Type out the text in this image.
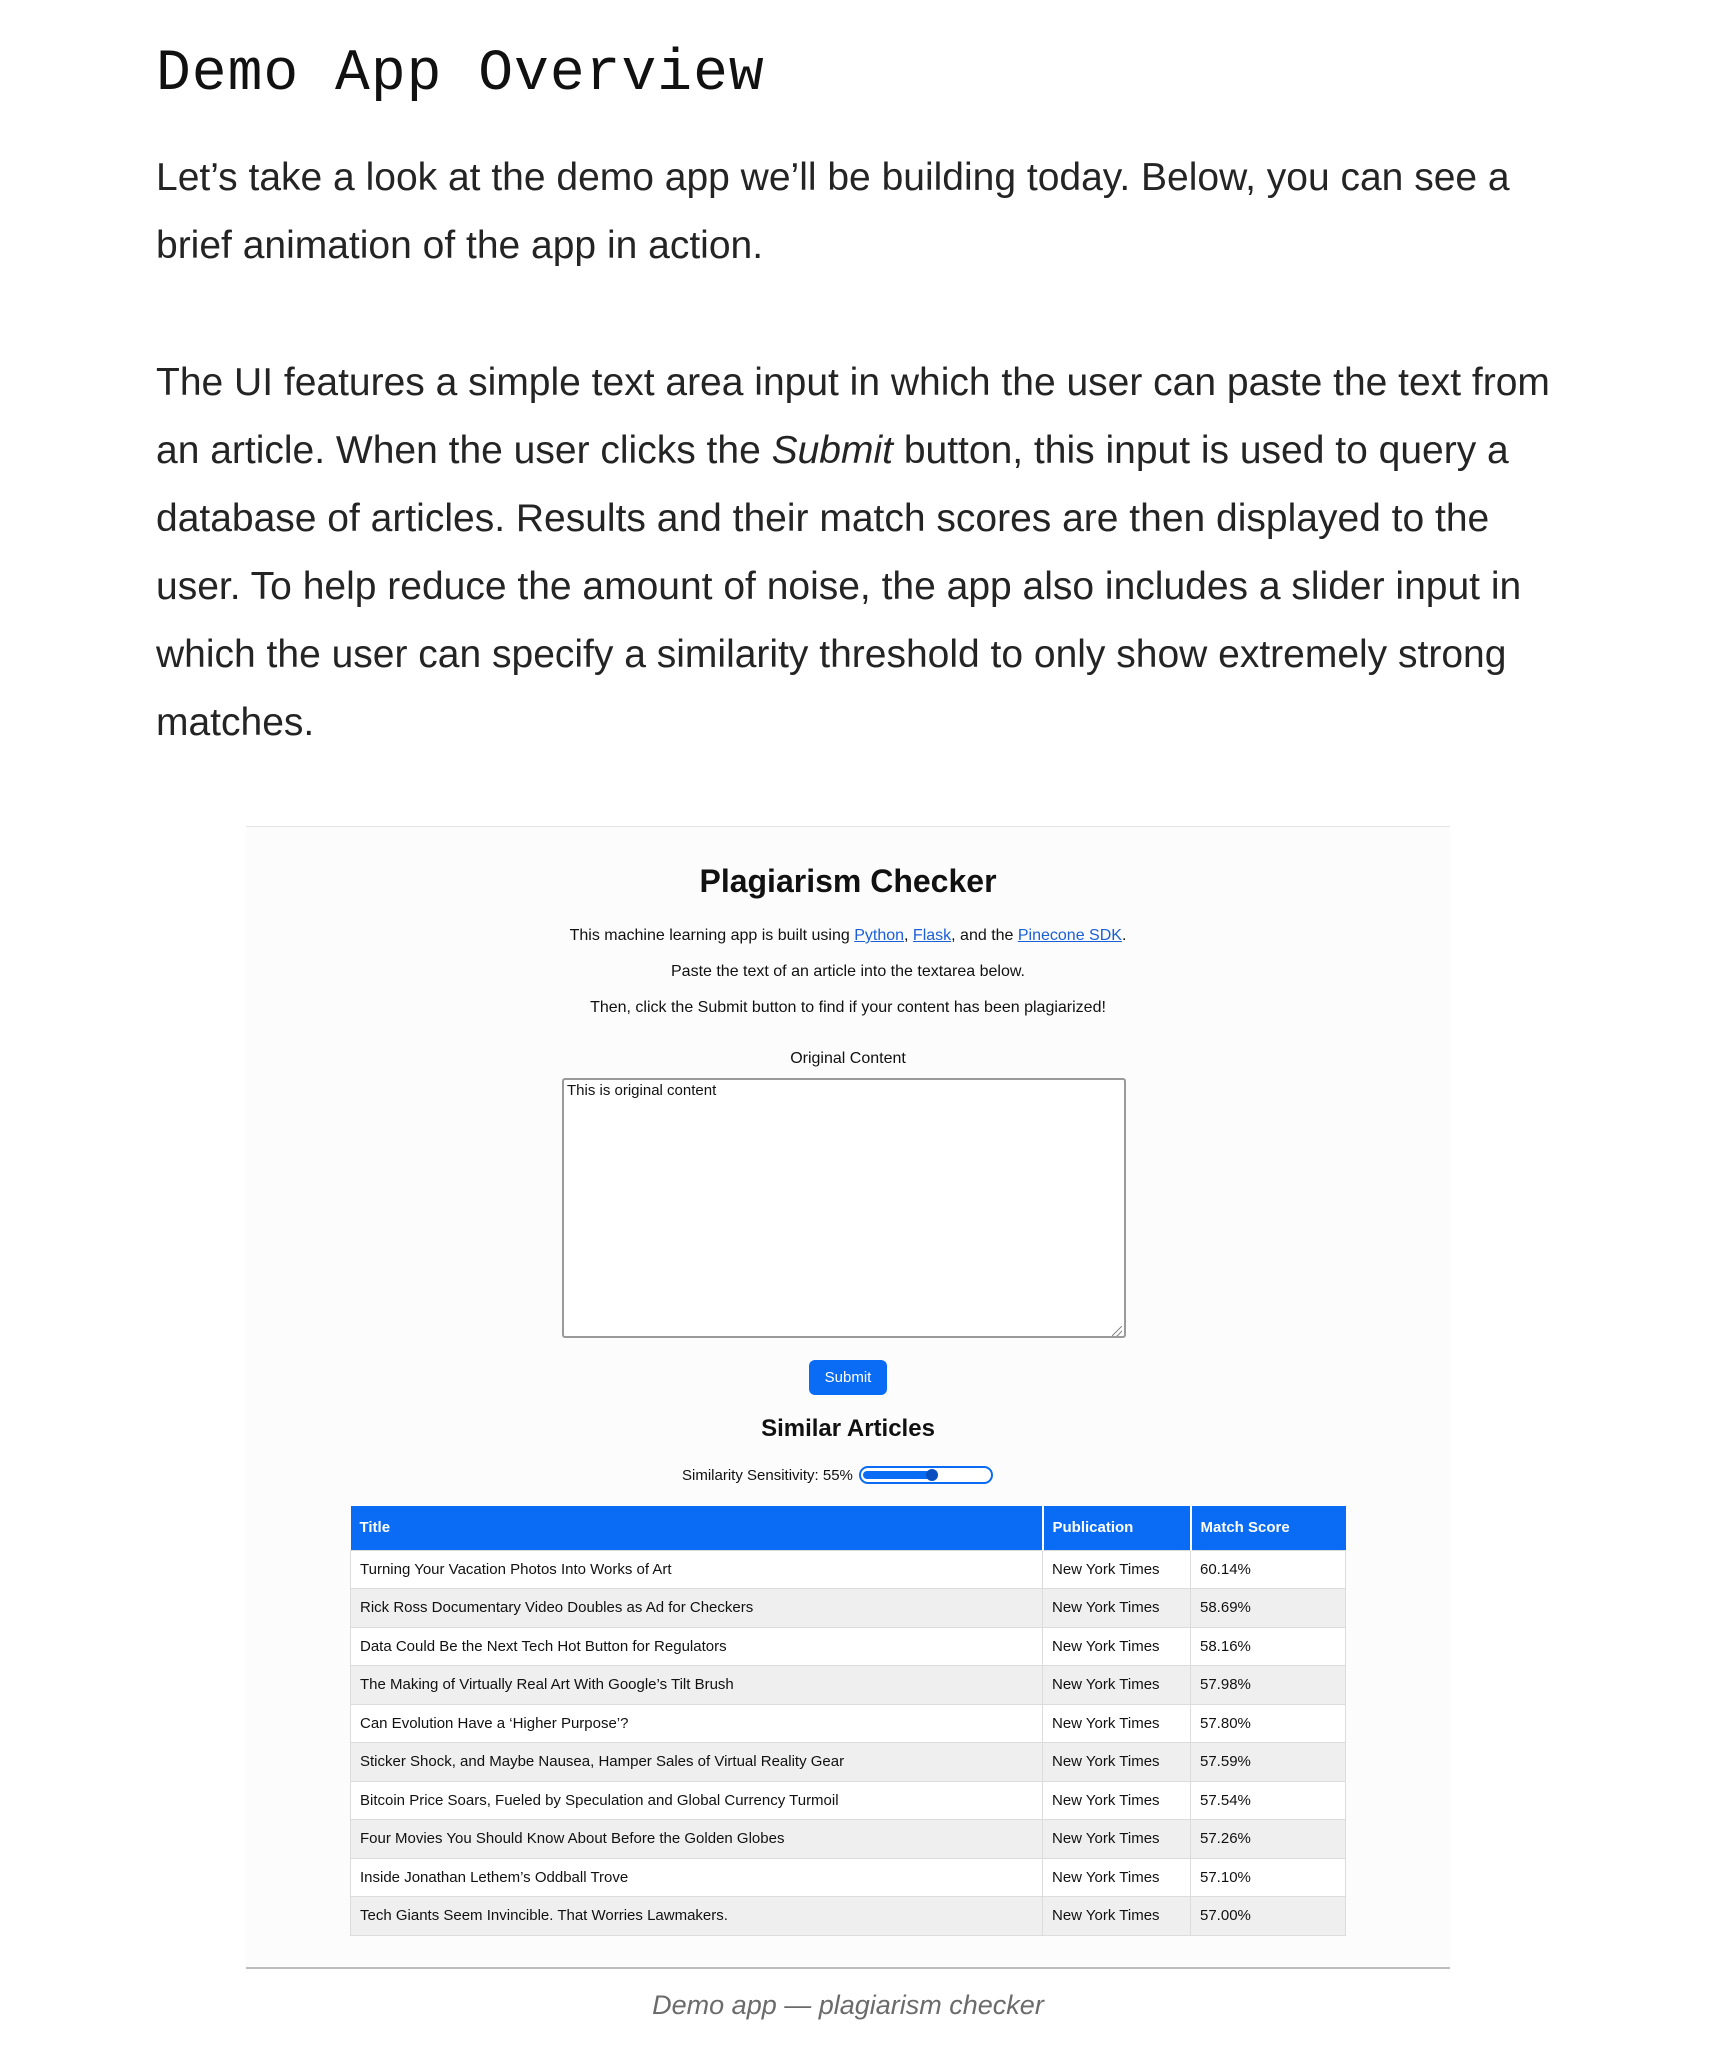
Demo App Overview

Let’s take a look at the demo app we’ll be building today. Below, you can see a brief animation of the app in action.

The UI features a simple text area input in which the user can paste the text from an article. When the user clicks the Submit button, this input is used to query a database of articles. Results and their match scores are then displayed to the user. To help reduce the amount of noise, the app also includes a slider input in which the user can specify a similarity threshold to only show extremely strong matches.

Plagiarism Checker
This machine learning app is built using Python, Flask, and the Pinecone SDK.
Paste the text of an article into the textarea below.
Then, click the Submit button to find if your content has been plagiarized!
Original Content
This is original content
Submit
Similar Articles
Similarity Sensitivity: 55%
Title	Publication	Match Score
Turning Your Vacation Photos Into Works of Art	New York Times	60.14%
Rick Ross Documentary Video Doubles as Ad for Checkers	New York Times	58.69%
Data Could Be the Next Tech Hot Button for Regulators	New York Times	58.16%
The Making of Virtually Real Art With Google’s Tilt Brush	New York Times	57.98%
Can Evolution Have a ‘Higher Purpose’?	New York Times	57.80%
Sticker Shock, and Maybe Nausea, Hamper Sales of Virtual Reality Gear	New York Times	57.59%
Bitcoin Price Soars, Fueled by Speculation and Global Currency Turmoil	New York Times	57.54%
Four Movies You Should Know About Before the Golden Globes	New York Times	57.26%
Inside Jonathan Lethem’s Oddball Trove	New York Times	57.10%
Tech Giants Seem Invincible. That Worries Lawmakers.	New York Times	57.00%
Demo app — plagiarism checker
